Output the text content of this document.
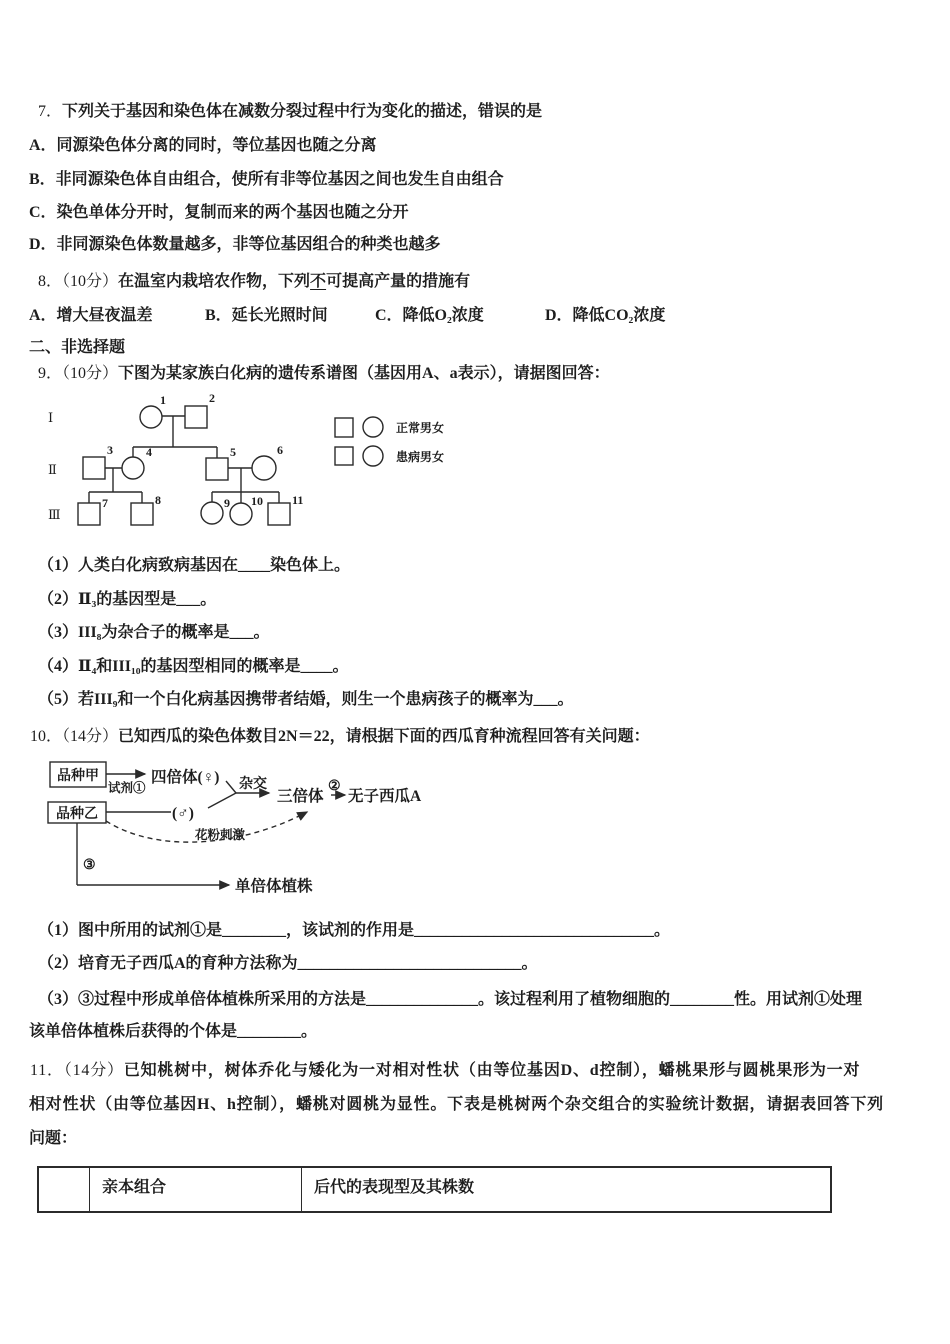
7．下列关于基因和染色体在减数分裂过程中行为变化的描述，错误的是
A．同源染色体分离的同时，等位基因也随之分离
B．非同源染色体自由组合，使所有非等位基因之间也发生自由组合
C．染色单体分开时，复制而来的两个基因也随之分开
D．非同源染色体数量越多，非等位基因组合的种类也越多
8．（10分）在温室内栽培农作物，下列不可提高产量的措施有
A．增大昼夜温差	B．延长光照时间	C．降低O₂浓度	D．降低CO₂浓度
二、非选择题
9．（10分）下图为某家族白化病的遗传系谱图（基因用A、a表示），请据图回答：
Ⅰ
Ⅱ
Ⅲ
1	2
3	4	5	6
7	8	9 10 11
正常男女
患病男女
（1）人类白化病致病基因在____染色体上。
（2）Ⅱ₃的基因型是___。
（3）III₈为杂合子的概率是___。
（4）Ⅱ₄和III₁₀的基因型相同的概率是____。
（5）若III₉和一个白化病基因携带者结婚，则生一个患病孩子的概率为___。
10．（14分）已知西瓜的染色体数目2N＝22，请根据下面的西瓜育种流程回答有关问题：
品种甲
品种乙
试剂①
四倍体(♀)
(♂)
杂交
三倍体
②
无子西瓜A
花粉刺激
③
单倍体植株
（1）图中所用的试剂①是________，该试剂的作用是______________________________。
（2）培育无子西瓜A的育种方法称为____________________________。
（3）③过程中形成单倍体植株所采用的方法是______________。该过程利用了植物细胞的________性。用试剂①处理
该单倍体植株后获得的个体是________。
11．（14分）已知桃树中，树体乔化与矮化为一对相对性状（由等位基因D、d控制），蟠桃果形与圆桃果形为一对
相对性状（由等位基因H、h控制），蟠桃对圆桃为显性。下表是桃树两个杂交组合的实验统计数据，请据表回答下列
问题：
亲本组合	后代的表现型及其株数
